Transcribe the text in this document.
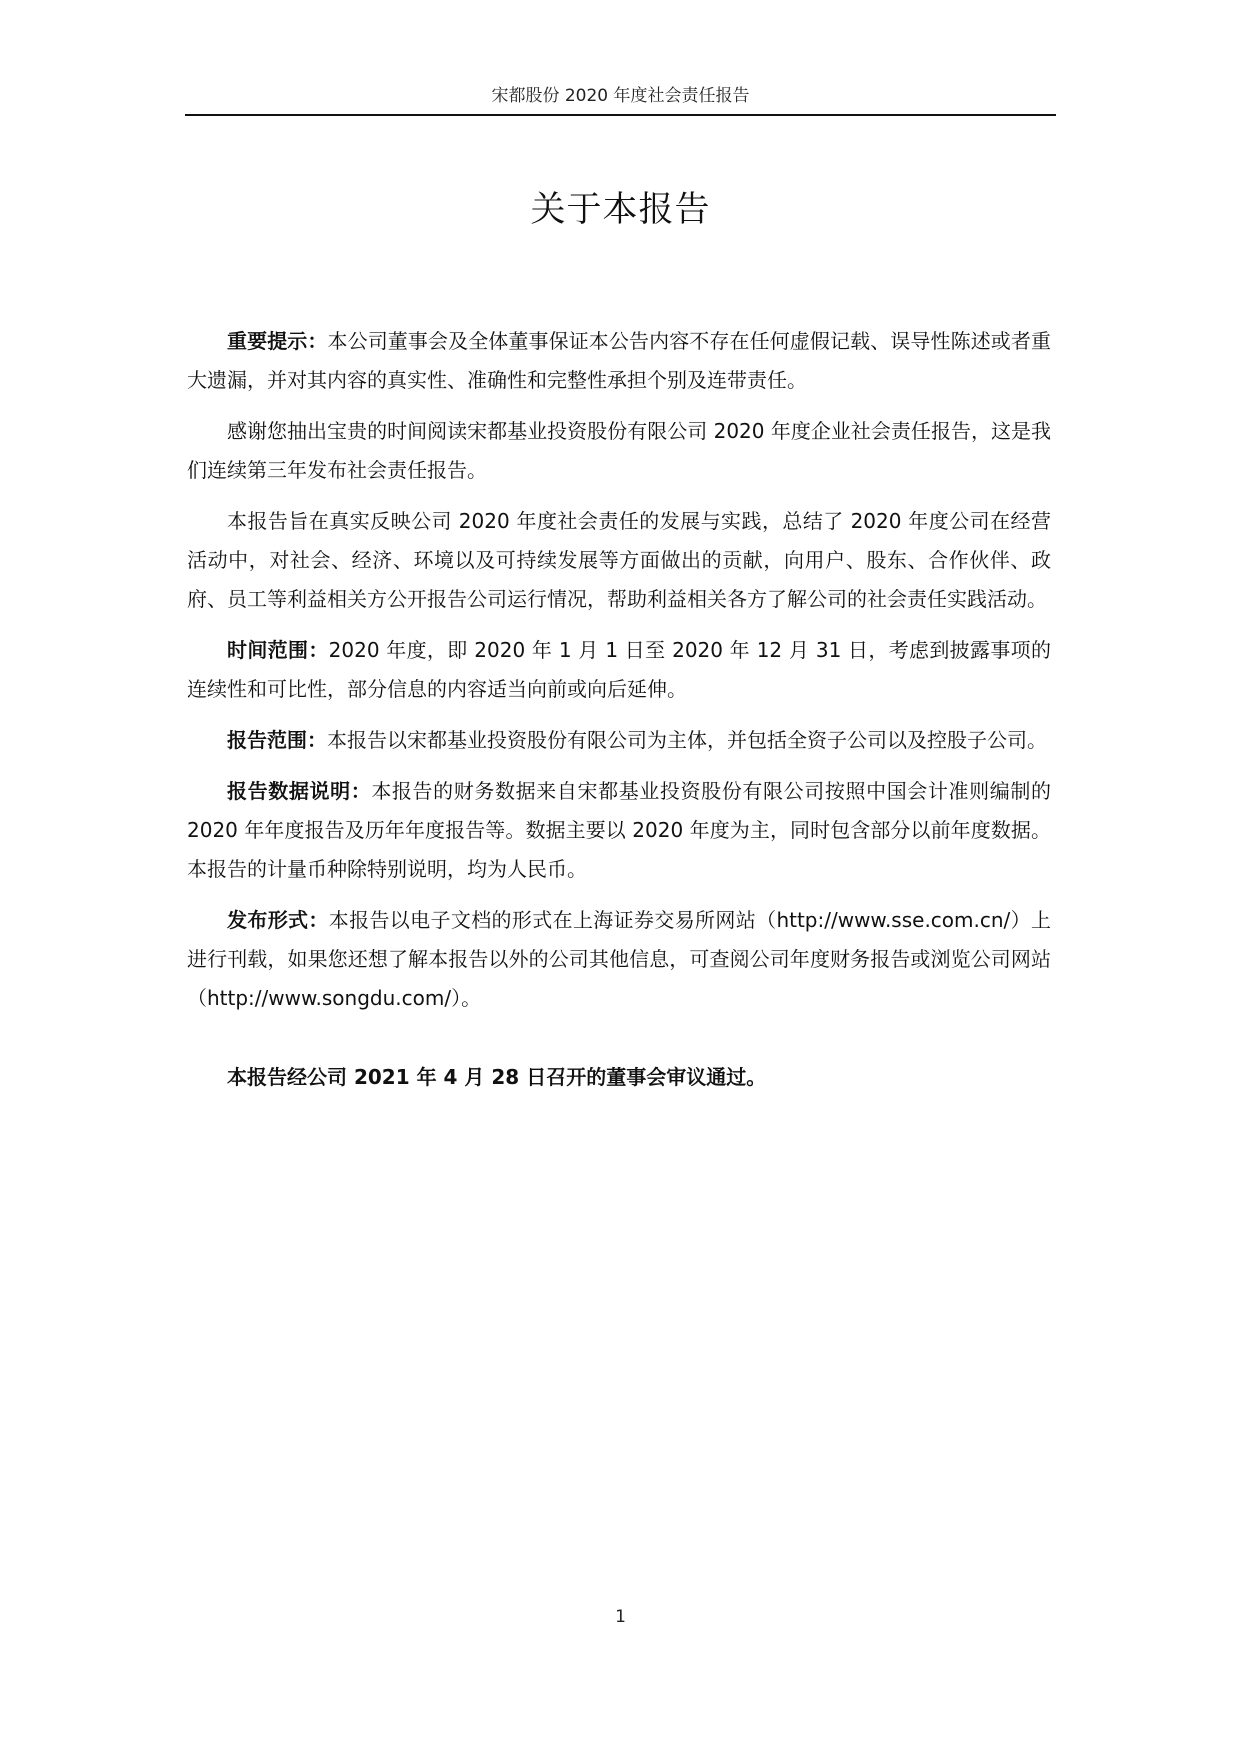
宋都股份 2020 年度社会责任报告
关于本报告

重要提示：本公司董事会及全体董事保证本公告内容不存在任何虚假记载、误导性陈述或者重大遗漏，并对其内容的真实性、准确性和完整性承担个别及连带责任。

感谢您抽出宝贵的时间阅读宋都基业投资股份有限公司 2020 年度企业社会责任报告，这是我们连续第三年发布社会责任报告。

本报告旨在真实反映公司 2020 年度社会责任的发展与实践，总结了 2020 年度公司在经营活动中，对社会、经济、环境以及可持续发展等方面做出的贡献，向用户、股东、合作伙伴、政府、员工等利益相关方公开报告公司运行情况，帮助利益相关各方了解公司的社会责任实践活动。

时间范围：2020 年度，即 2020 年 1 月 1 日至 2020 年 12 月 31 日，考虑到披露事项的连续性和可比性，部分信息的内容适当向前或向后延伸。

报告范围：本报告以宋都基业投资股份有限公司为主体，并包括全资子公司以及控股子公司。

报告数据说明：本报告的财务数据来自宋都基业投资股份有限公司按照中国会计准则编制的 2020 年年度报告及历年年度报告等。数据主要以 2020 年度为主，同时包含部分以前年度数据。本报告的计量币种除特别说明，均为人民币。

发布形式：本报告以电子文档的形式在上海证券交易所网站（http://www.sse.com.cn/）上进行刊载，如果您还想了解本报告以外的公司其他信息，可查阅公司年度财务报告或浏览公司网站（http://www.songdu.com/）。

本报告经公司 2021 年 4 月 28 日召开的董事会审议通过。

1
